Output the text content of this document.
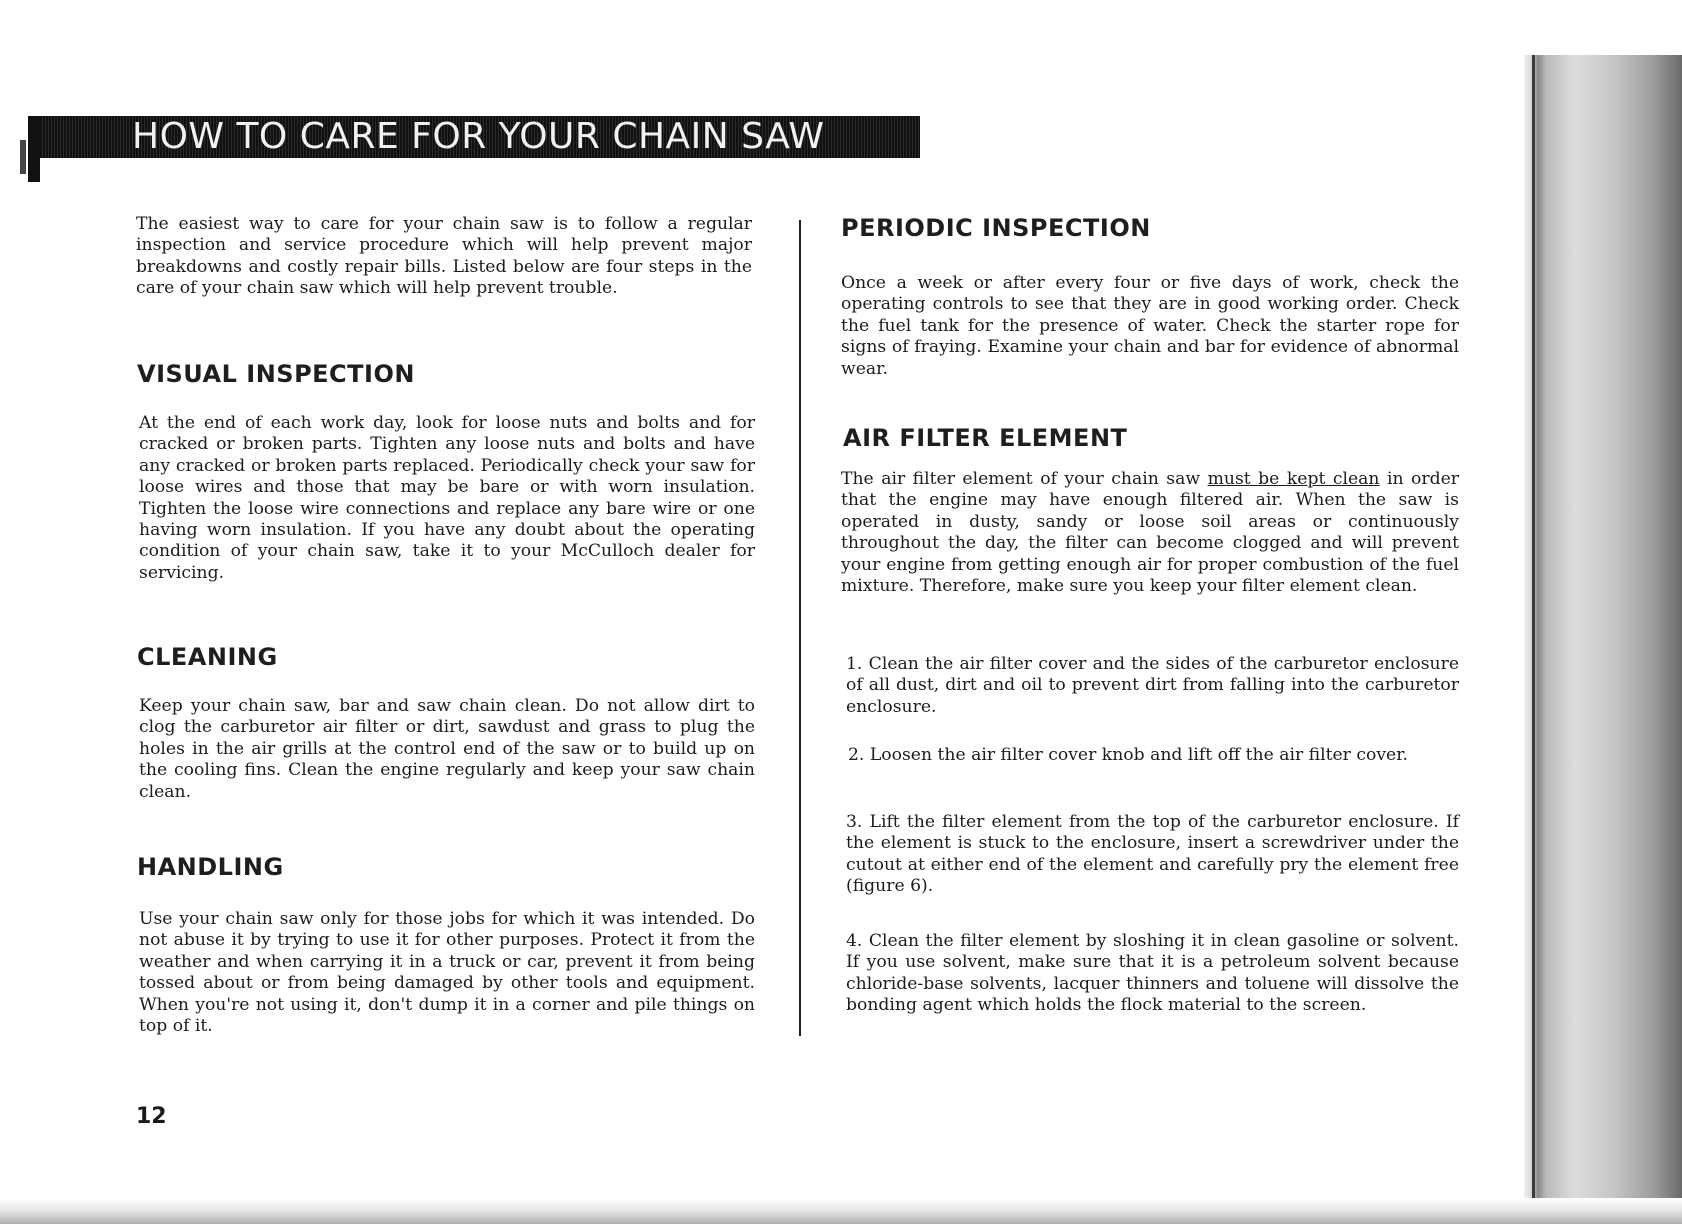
HOW TO CARE FOR YOUR CHAIN SAW

The easiest way to care for your chain saw is to follow a regular inspection and service procedure which will help prevent major breakdowns and costly repair bills. Listed below are four steps in the care of your chain saw which will help prevent trouble.

VISUAL INSPECTION

At the end of each work day, look for loose nuts and bolts and for cracked or broken parts. Tighten any loose nuts and bolts and have any cracked or broken parts replaced. Periodically check your saw for loose wires and those that may be bare or with worn insulation. Tighten the loose wire connections and replace any bare wire or one having worn insulation. If you have any doubt about the operating condition of your chain saw, take it to your McCulloch dealer for servicing.

CLEANING

Keep your chain saw, bar and saw chain clean. Do not allow dirt to clog the carburetor air filter or dirt, sawdust and grass to plug the holes in the air grills at the control end of the saw or to build up on the cooling fins. Clean the engine regularly and keep your saw chain clean.

HANDLING

Use your chain saw only for those jobs for which it was intended. Do not abuse it by trying to use it for other purposes. Protect it from the weather and when carrying it in a truck or car, prevent it from being tossed about or from being damaged by other tools and equipment. When you're not using it, don't dump it in a corner and pile things on top of it.

PERIODIC INSPECTION

Once a week or after every four or five days of work, check the operating controls to see that they are in good working order. Check the fuel tank for the presence of water. Check the starter rope for signs of fraying. Examine your chain and bar for evidence of abnormal wear.

AIR FILTER ELEMENT

The air filter element of your chain saw must be kept clean in order that the engine may have enough filtered air. When the saw is operated in dusty, sandy or loose soil areas or continuously throughout the day, the filter can become clogged and will prevent your engine from getting enough air for proper combustion of the fuel mixture. Therefore, make sure you keep your filter element clean.

1. Clean the air filter cover and the sides of the carburetor enclosure of all dust, dirt and oil to prevent dirt from falling into the carburetor enclosure.

2. Loosen the air filter cover knob and lift off the air filter cover.

3. Lift the filter element from the top of the carburetor enclosure. If the element is stuck to the enclosure, insert a screwdriver under the cutout at either end of the element and carefully pry the element free (figure 6).

4. Clean the filter element by sloshing it in clean gasoline or solvent. If you use solvent, make sure that it is a petroleum solvent because chloride-base solvents, lacquer thinners and toluene will dissolve the bonding agent which holds the flock material to the screen.

12
